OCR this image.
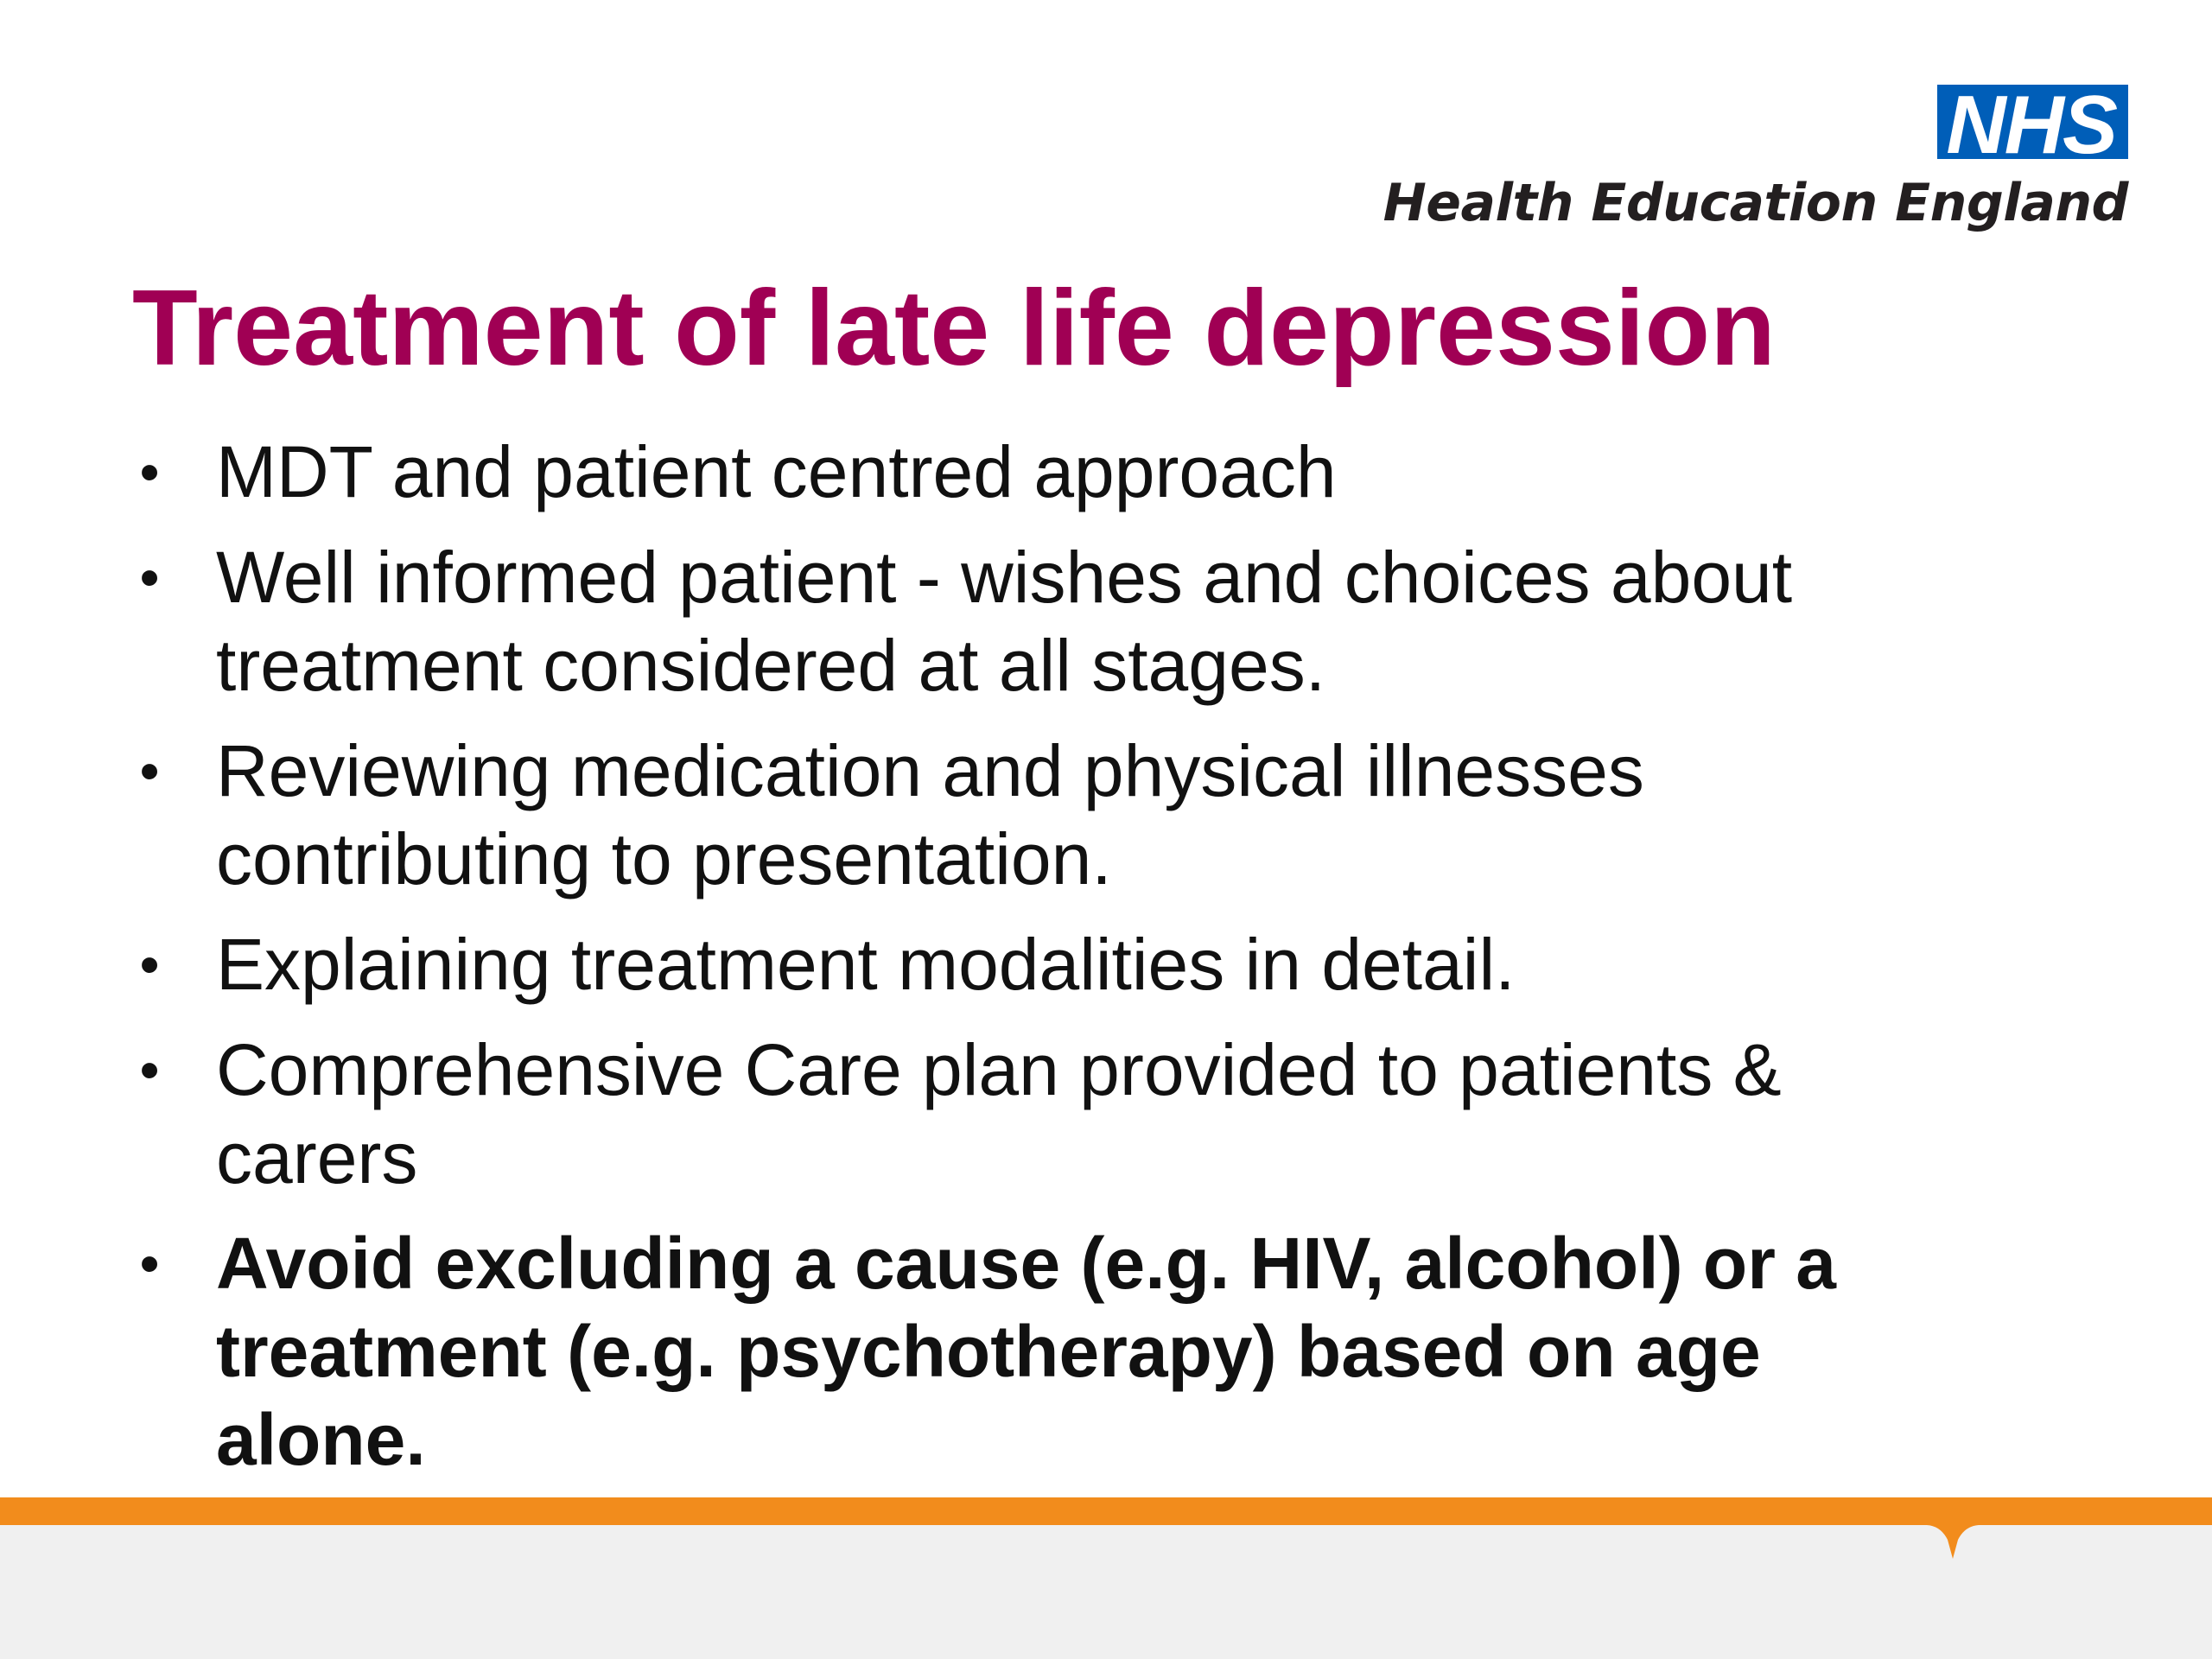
NHS
Health Education England
Treatment of late life depression
• MDT and patient centred approach
• Well informed patient - wishes and choices about treatment considered at all stages.
• Reviewing medication and physical illnesses contributing to presentation.
• Explaining treatment modalities in detail.
• Comprehensive Care plan provided to patients & carers
• Avoid excluding a cause (e.g. HIV, alcohol) or a treatment (e.g. psychotherapy) based on age alone.
